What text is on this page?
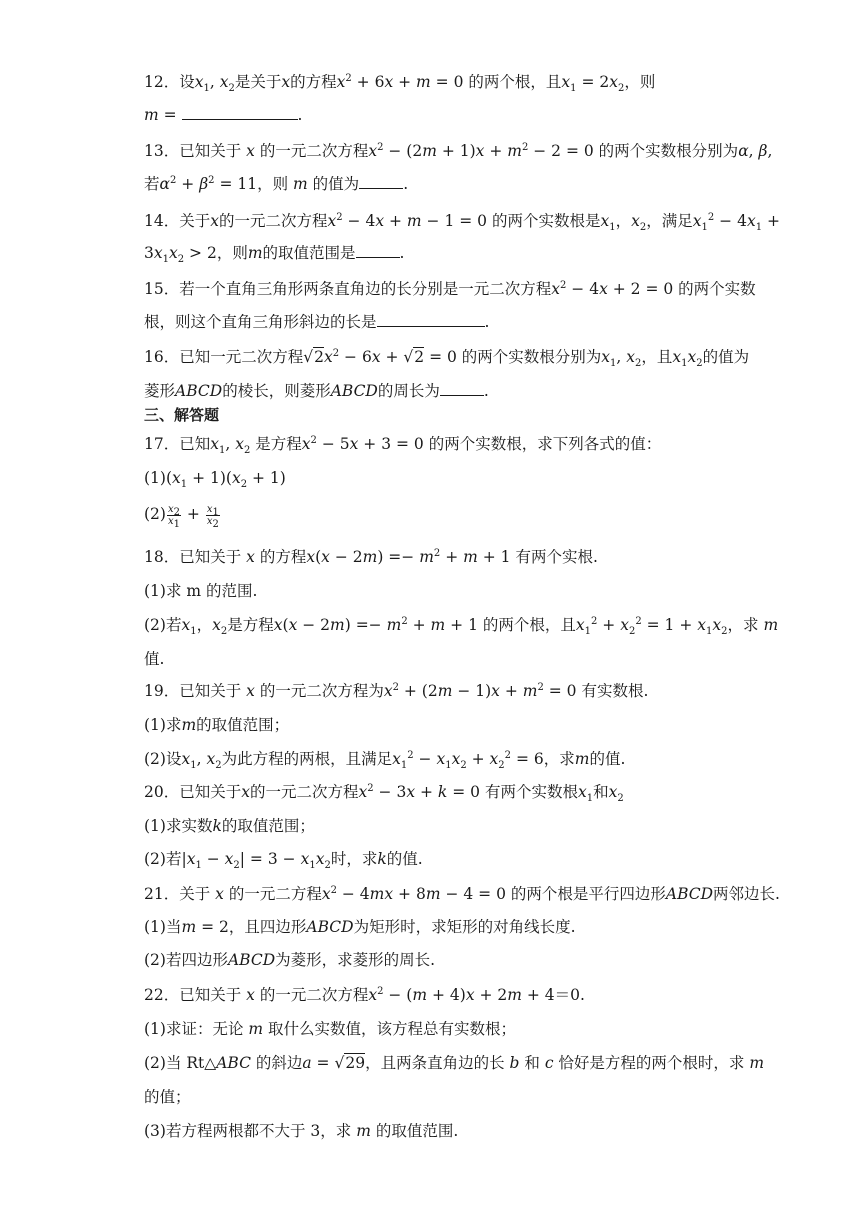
12．设$x_1$, $x_2$是关于x的方程$x^2 + 6x + m = 0$ 的两个根，且$x_1 = 2x_2$，则
m =	.
13．已知关于 x 的一元二次方程$x^2 - (2m + 1)x + m^2 - 2 = 0$ 的两个实数根分别为α, β,
若$\alpha^2 + \beta^2 = 11$，则 m 的值为	.
14．关于x的一元二次方程$x^2 - 4x + m - 1 = 0$ 的两个实数根是$x_1$，$x_2$，满足$x_1^2 - 4x_1$ +
$3x_1x_2 > 2$，则m的取值范围是	.
15．若一个直角三角形两条直角边的长分别是一元二次方程$x^2 - 4x + 2 = 0$ 的两个实数
根，则这个直角三角形斜边的长是	.
16．已知一元二次方程$√2x^2 - 6x + √2 = 0$ 的两个实数根分别为$x_1$, $x_2$，且$x_1x_2$的值为
菱形ABCD的棱长，则菱形ABCD的周长为	.
三、解答题
17．已知$x_1$, $x_2$ 是方程$x^2 - 5x + 3 = 0$ 的两个实数根，求下列各式的值：
$(1)(x_1 + 1)(x_2 + 1)$
$(2) \frac{x_2}{x_1} + \frac{x_1}{x_2}$
18．已知关于 x 的方程$x(x - 2m) =- m^2 + m + 1$ 有两个实根.
(1)求 m 的范围.
(2)若$x_1$，$x_2$是方程$x(x - 2m) =- m^2 + m + 1$ 的两个根，且$x_1^2 + x_2^2 = 1 + x_1x_2$，求 m
值.
19．已知关于 x 的一元二次方程为$x^2 + (2m - 1)x + m^2 = 0$ 有实数根.
(1)求m的取值范围；
(2)设$x_1$, $x_2$为此方程的两根，且满足$x_1^2 - x_1x_2 + x_2^2 = 6$，求m的值.
20．已知关于x的一元二次方程$x^2 - 3x + k = 0$ 有两个实数根$x_1$和$x_2$
(1)求实数k的取值范围；
(2)若$|x_1 - x_2| = 3 - x_1x_2$时，求k的值.
21．关于 x 的一元二方程$x^2 - 4mx + 8m - 4 = 0$ 的两个根是平行四边形ABCD两邻边长.
(1)当m = 2，且四边形ABCD为矩形时，求矩形的对角线长度.
(2)若四边形ABCD为菱形，求菱形的周长.
22．已知关于 x 的一元二次方程$x^2 - (m + 4)x + 2m + 4=0$.
(1)求证：无论 m 取什么实数值，该方程总有实数根；
(2)当 Rt△ABC 的斜边a = √29，且两条直角边的长 b 和 c 恰好是方程的两个根时，求 m
的值；
(3)若方程两根都不大于 3，求 m 的取值范围.
